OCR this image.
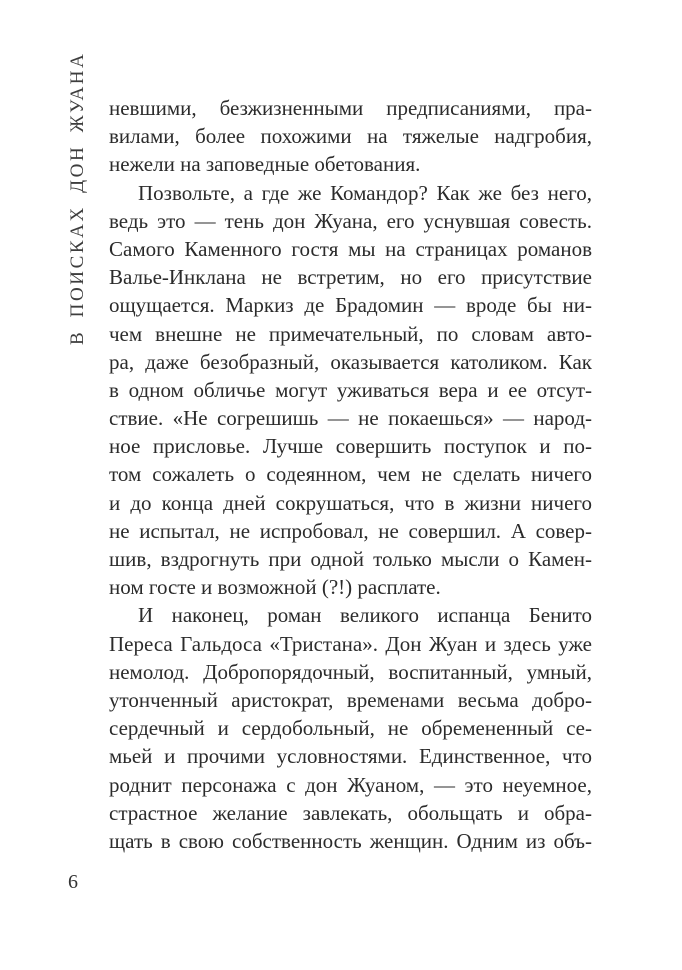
В ПОИСКАХ ДОН ЖУАНА невшими, безжизненными предписаниями, пра-
вилами, более похожими на тяжелые надгробия,
нежели на заповедные обетования.
Позвольте, а где же Командор? Как же без него,
ведь это — тень дон Жуана, его уснувшая совесть.
Самого Каменного гостя мы на страницах романов
Валье-Инклана не встретим, но его присутствие
ощущается. Маркиз де Брадомин — вроде бы ни-
чем внешне не примечательный, по словам авто-
ра, даже безобразный, оказывается католиком. Как
в одном обличье могут уживаться вера и ее отсут-
ствие. «Не согрешишь — не покаешься» — народ-
ное присловье. Лучше совершить поступок и по-
том сожалеть о содеянном, чем не сделать ничего
и до конца дней сокрушаться, что в жизни ничего
не испытал, не испробовал, не совершил. А совер-
шив, вздрогнуть при одной только мысли о Камен-
ном госте и возможной (?!) расплате.
И наконец, роман великого испанца Бенито
Переса Гальдоса «Тристана». Дон Жуан и здесь уже
немолод. Добропорядочный, воспитанный, умный,
утонченный аристократ, временами весьма добро-
сердечный и сердобольный, не обремененный се-
мьей и прочими условностями. Единственное, что
роднит персонажа с дон Жуаном, — это неуемное,
страстное желание завлекать, обольщать и обра-
щать в свою собственность женщин. Одним из объ-
6
